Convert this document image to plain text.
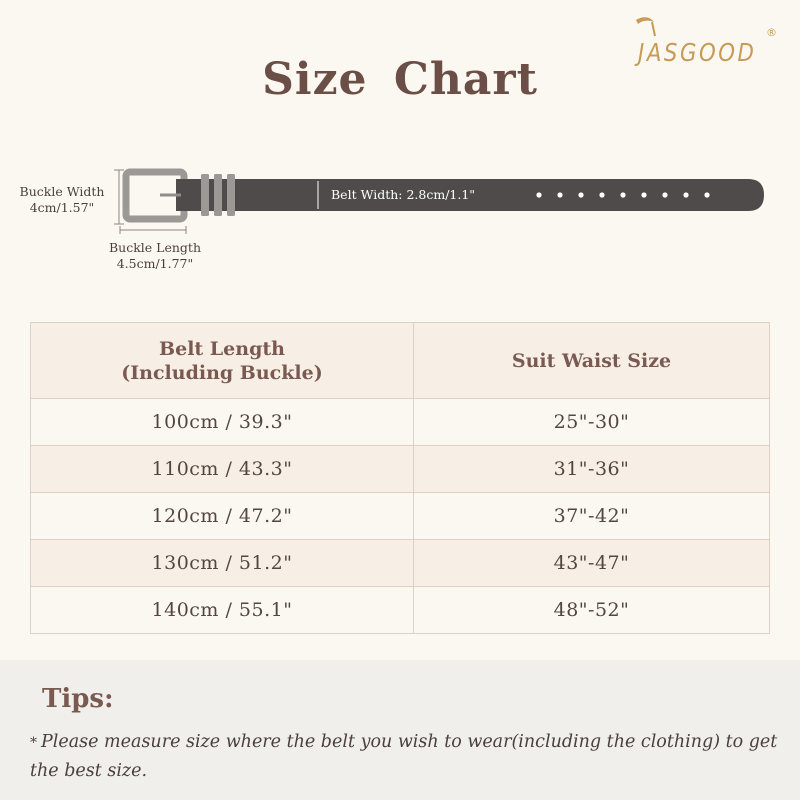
JASGOOD
®
Size Chart
Buckle Width
4cm/1.57"
Buckle Length
4.5cm/1.77"
Belt Width: 2.8cm/1.1"
Belt Length
(Including Buckle)	Suit Waist Size
100cm / 39.3"	25"-30"
110cm / 43.3"	31"-36"
120cm / 47.2"	37"-42"
130cm / 51.2"	43"-47"
140cm / 55.1"	48"-52"
Tips:
* Please measure size where the belt you wish to wear(including the clothing) to get the best size.
